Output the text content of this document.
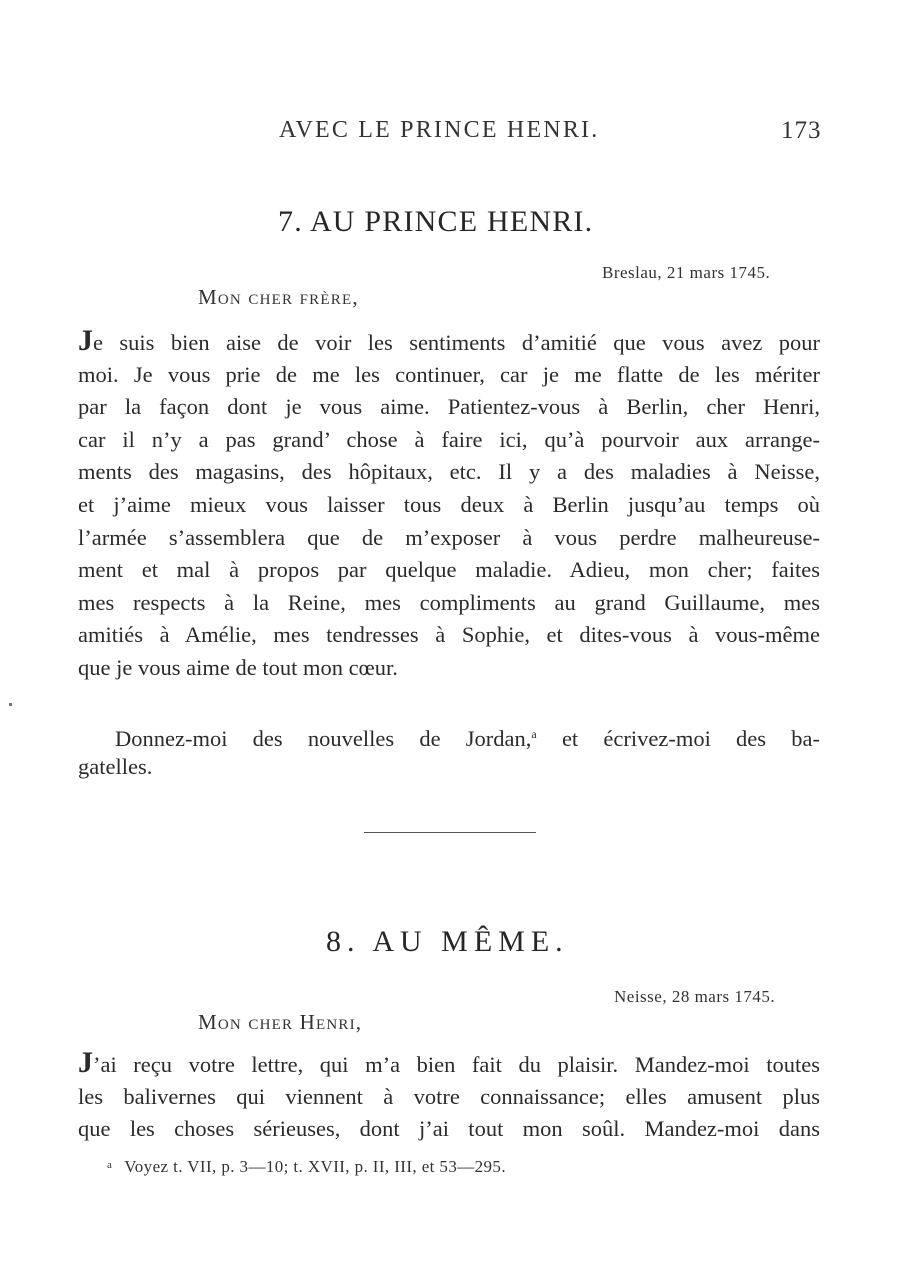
AVEC LE PRINCE HENRI.	173
7. AU PRINCE HENRI.
Breslau, 21 mars 1745.
Mon cher frère,
Je suis bien aise de voir les sentiments d’amitié que vous avez pour
moi. Je vous prie de me les continuer, car je me flatte de les mériter
par la façon dont je vous aime. Patientez-vous à Berlin, cher Henri,
car il n’y a pas grand’ chose à faire ici, qu’à pourvoir aux arrange-
ments des magasins, des hôpitaux, etc. Il y a des maladies à Neisse,
et j’aime mieux vous laisser tous deux à Berlin jusqu’au temps où
l’armée s’assemblera que de m’exposer à vous perdre malheureuse-
ment et mal à propos par quelque maladie. Adieu, mon cher; faites
mes respects à la Reine, mes compliments au grand Guillaume, mes
amitiés à Amélie, mes tendresses à Sophie, et dites-vous à vous-même
que je vous aime de tout mon cœur.
Donnez-moi des nouvelles de Jordan,$^a$ et écrivez-moi des ba-
gatelles.
8. AU MÊME.
Neisse, 28 mars 1745.
Mon cher Henri,
J’ai reçu votre lettre, qui m’a bien fait du plaisir. Mandez-moi toutes
les balivernes qui viennent à votre connaissance; elles amusent plus
que les choses sérieuses, dont j’ai tout mon soûl. Mandez-moi dans
$^a$ Voyez t. VII, p. 3—10; t. XVII, p. II, III, et 53—295.
